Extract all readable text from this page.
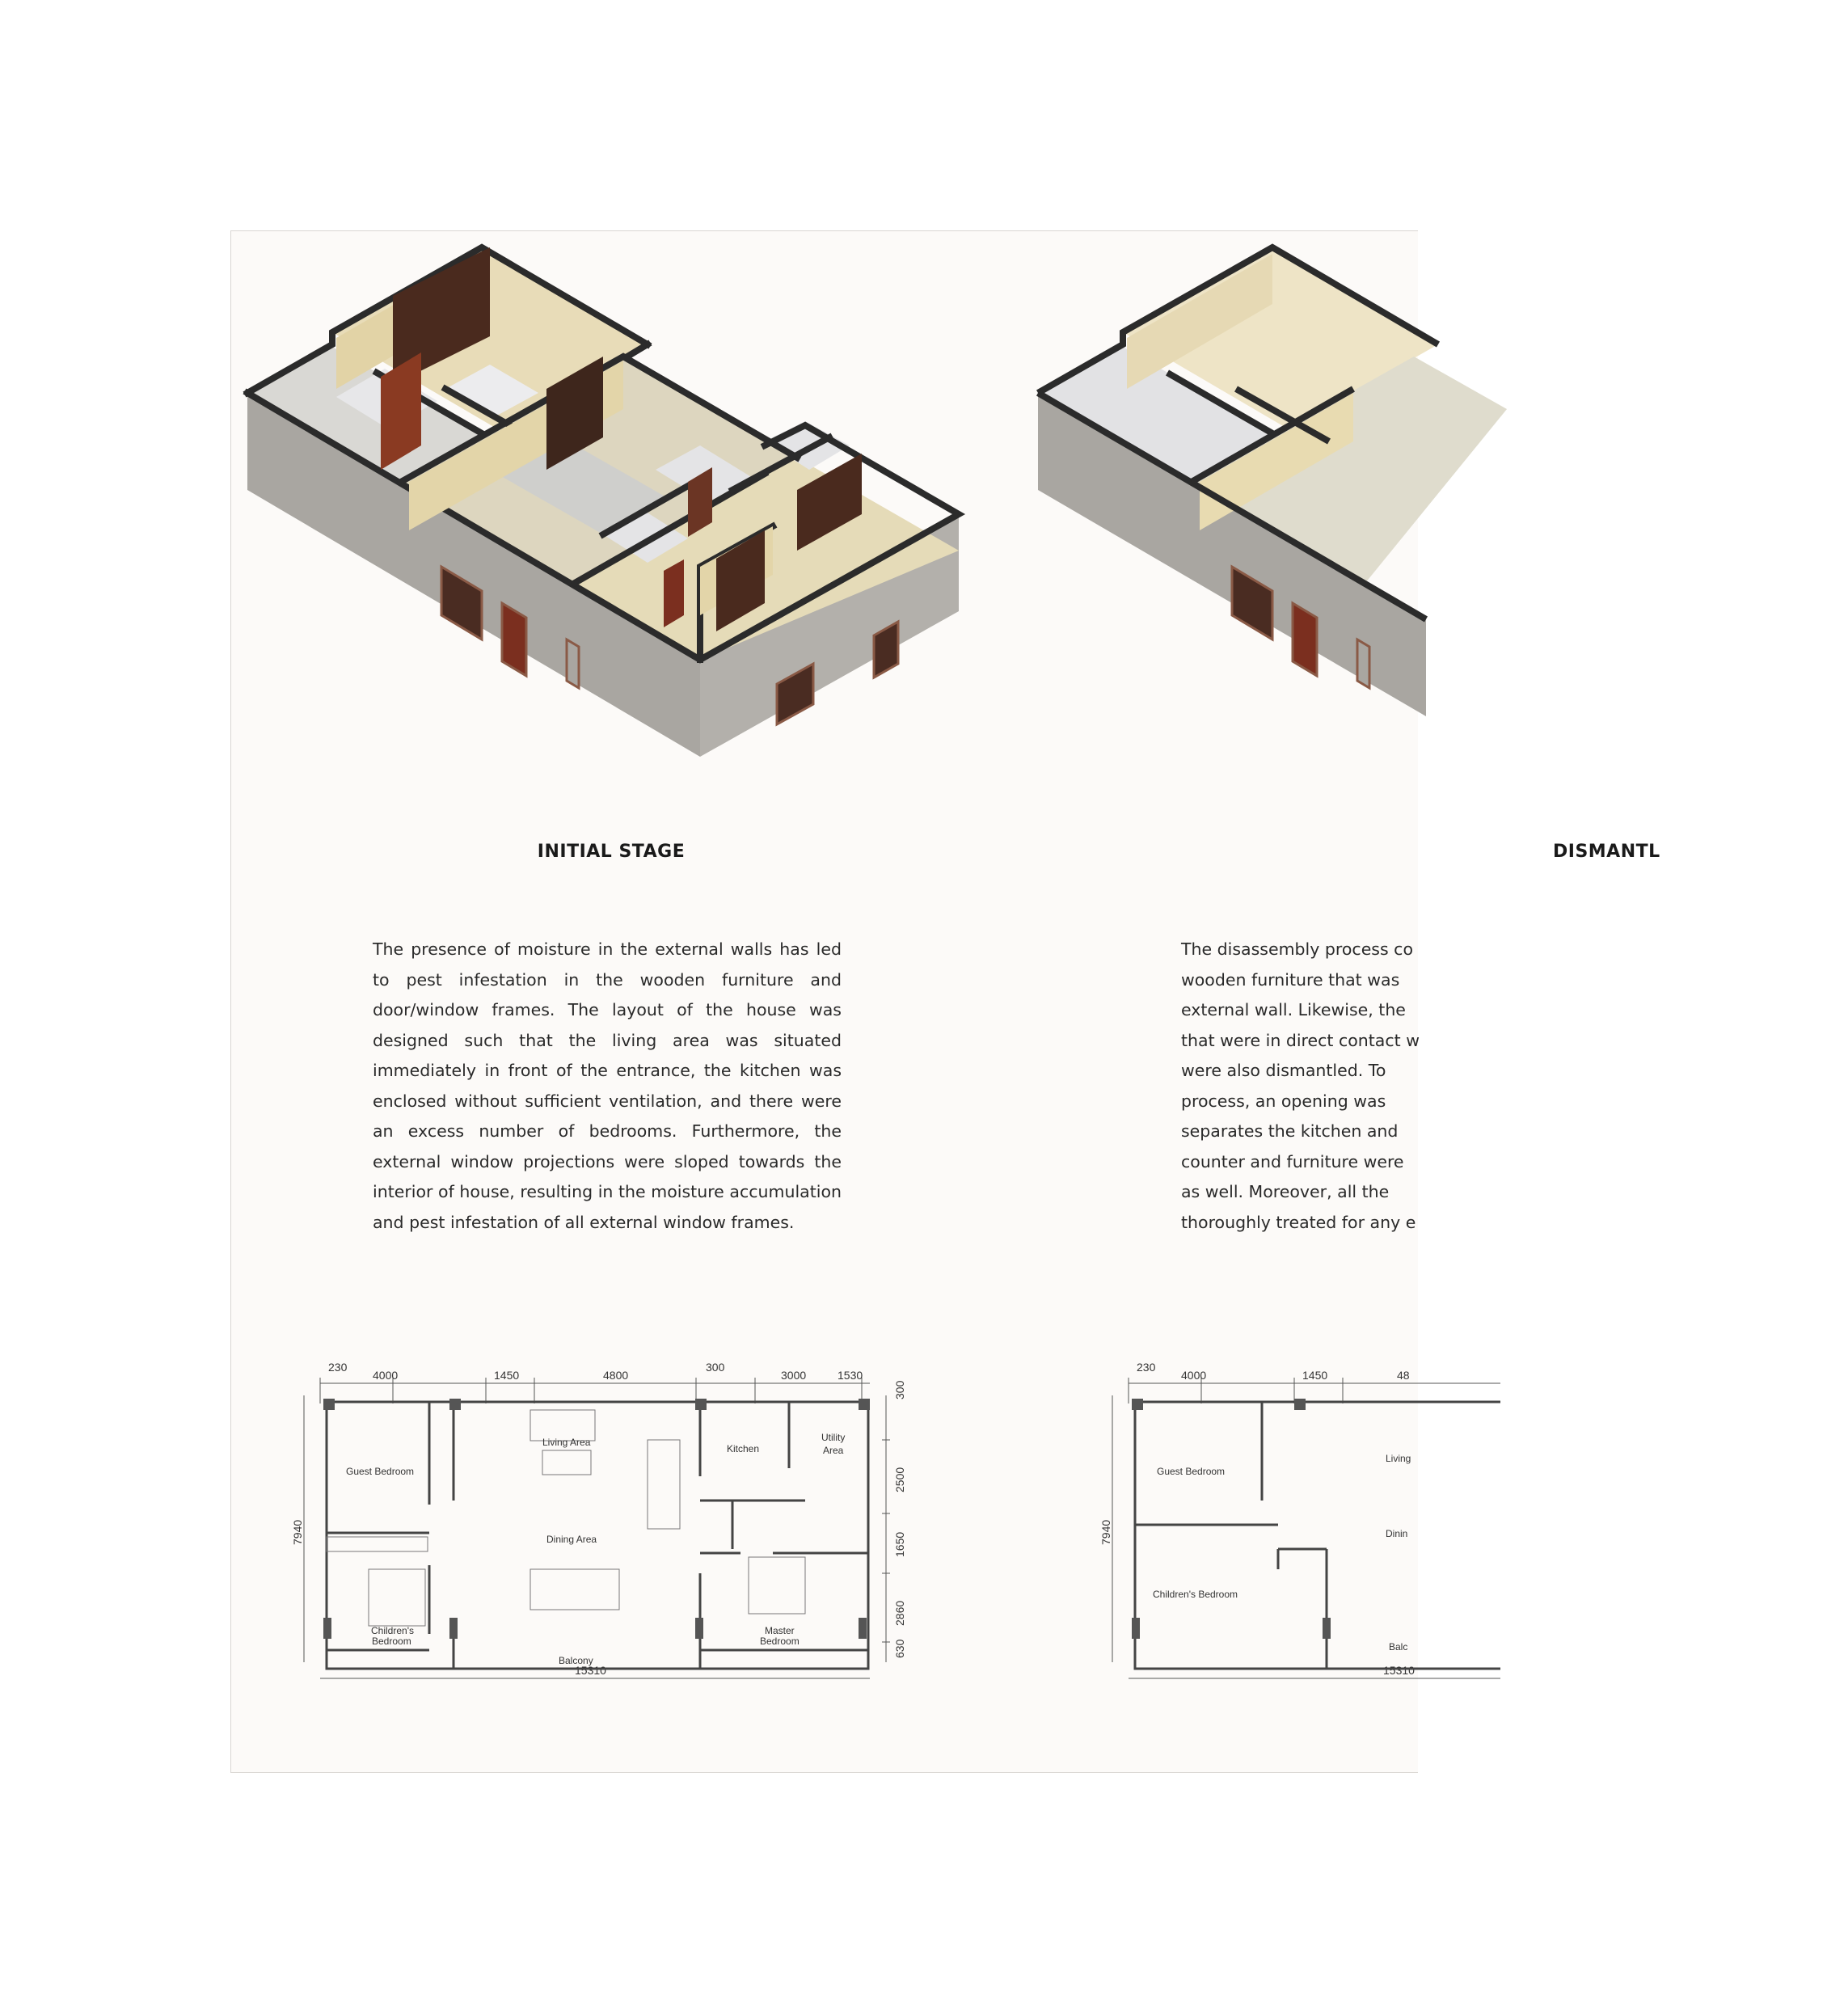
INITIAL STAGE

The presence of moisture in the external walls has led to pest infestation in the wooden furniture and door/window frames. The layout of the house was designed such that the living area was situated immediately in front of the entrance, the kitchen was enclosed without sufficient ventilation, and there were an excess number of bedrooms. Furthermore, the external window projections were sloped towards the interior of house, resulting in the moisture accumulation and pest infestation of all external window frames.

230
4000	1450	4800
300
3000	1530
7940
15310
300
2500
1650
2860
630
Guest Bedroom
Living Area
Kitchen
Utility
Area
Dining Area
Children's
Bedroom
Master
Bedroom
Balcony
DISMANTL
The disassembly process co
wooden furniture that was
external wall. Likewise, the
that were in direct contact w
were also dismantled. To
process, an opening was
separates the kitchen and
counter and furniture were
as well. Moreover, all the
thoroughly treated for any e
230
4000	1450	48
7940
15310
Guest Bedroom
Living
Dinin
Children's Bedroom
Balc
